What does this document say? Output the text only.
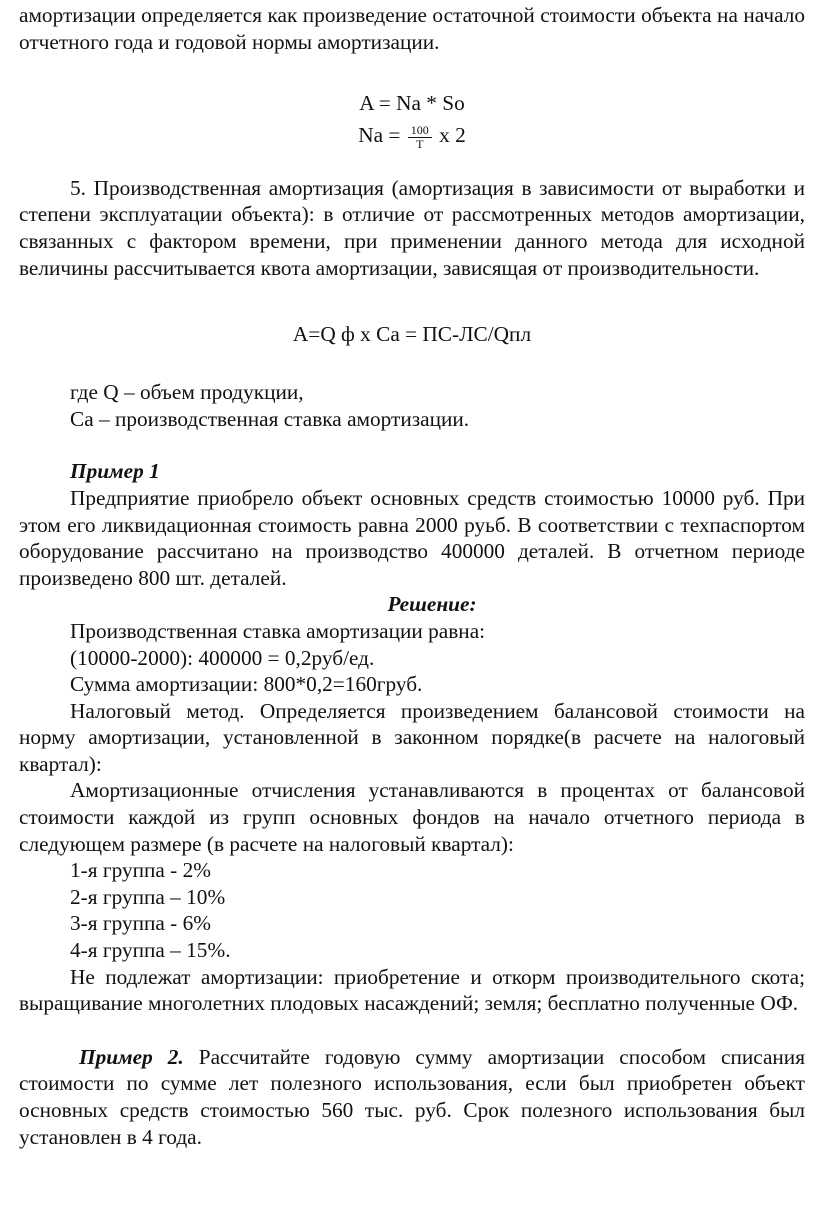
амортизации определяется как произведение остаточной стоимости объекта на начало отчетного года и годовой нормы амортизации.

A = Na * So

$Na = \frac{100}{T}$ x 2

5. Производственная амортизация (амортизация в зависимости от выработки и степени эксплуатации объекта): в отличие от рассмотренных методов амортизации, связанных с фактором времени, при применении данного метода для исходной величины рассчитывается квота амортизации, зависящая от производительности.

А=Q ф х Са = ПС-ЛС/Qпл

где Q – объем продукции,

Са – производственная ставка амортизации.

Пример 1

Предприятие приобрело объект основных средств стоимостью 10000 руб. При этом его ликвидационная стоимость равна 2000 руьб. В соответствии с техпаспортом оборудование рассчитано на производство 400000 деталей. В отчетном периоде произведено 800 шт. деталей.

Решение:

Производственная ставка амортизации равна:

(10000-2000): 400000 = 0,2руб/ед.

Сумма амортизации: 800*0,2=160груб.

Налоговый метод. Определяется произведением балансовой стоимости на норму амортизации, установленной в законном порядке(в расчете на налоговый квартал):

Амортизационные отчисления устанавливаются в процентах от балансовой стоимости каждой из групп основных фондов на начало отчетного периода в следующем размере (в расчете на налоговый квартал):

1-я группа - 2%

2-я группа – 10%

3-я группа - 6%

4-я группа – 15%.

Не подлежат амортизации: приобретение и откорм производительного скота; выращивание многолетних плодовых насаждений; земля; бесплатно полученные ОФ.

Пример 2. Рассчитайте годовую сумму амортизации способом списания стоимости по сумме лет полезного использования, если был приобретен объект основных средств стоимостью 560 тыс. руб. Срок полезного использования был установлен в 4 года.
